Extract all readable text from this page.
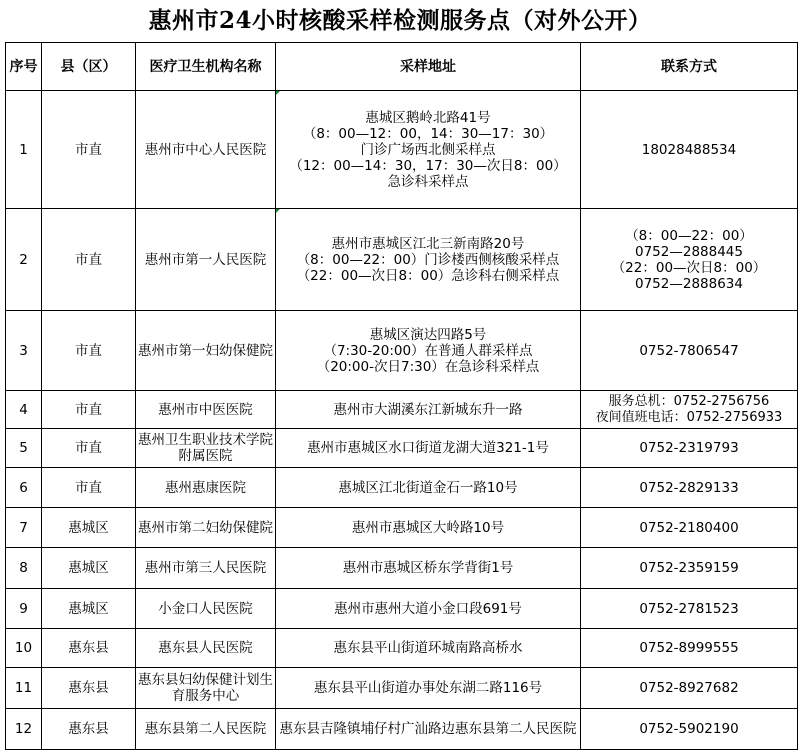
惠州市24小时核酸采样检测服务点（对外公开）
序号	县（区）	医疗卫生机构名称	采样地址	联系方式
1	市直	惠州市中心人民医院	惠城区鹅岭北路41号
（8：00—12：00，14：30—17：30）
门诊广场西北侧采样点
（12：00—14：30，17：30—次日8：00）
急诊科采样点	18028488534

2	市直	惠州市第一人民医院	惠州市惠城区江北三新南路20号
（8：00—22：00）门诊楼西侧核酸采样点
（22：00—次日8：00）急诊科右侧采样点	（8：00—22：00）
0752—2888445
（22：00—次日8：00）
0752—2888634

3	市直	惠州市第一妇幼保健院	惠城区演达四路5号
（7:30-20:00）在普通人群采样点
（20:00-次日7:30）在急诊科采样点	0752-7806547

4	市直	惠州市中医医院	惠州市大湖溪东江新城东升一路	服务总机：0752-2756756
夜间值班电话：0752-2756933

5	市直	惠州卫生职业技术学院附属医院	惠州市惠城区水口街道龙湖大道321-1号	0752-2319793

6	市直	惠州惠康医院	惠城区江北街道金石一路10号	0752-2829133

7	惠城区	惠州市第二妇幼保健院	惠州市惠城区大岭路10号	0752-2180400

8	惠城区	惠州市第三人民医院	惠州市惠城区桥东学背街1号	0752-2359159

9	惠城区	小金口人民医院	惠州市惠州大道小金口段691号	0752-2781523

10	惠东县	惠东县人民医院	惠东县平山街道环城南路高桥水	0752-8999555

11	惠东县	惠东县妇幼保健计划生育服务中心	惠东县平山街道办事处东湖二路116号	0752-8927682

12	惠东县	惠东县第二人民医院	惠东县吉隆镇埔仔村广汕路边惠东县第二人民医院	0752-5902190
